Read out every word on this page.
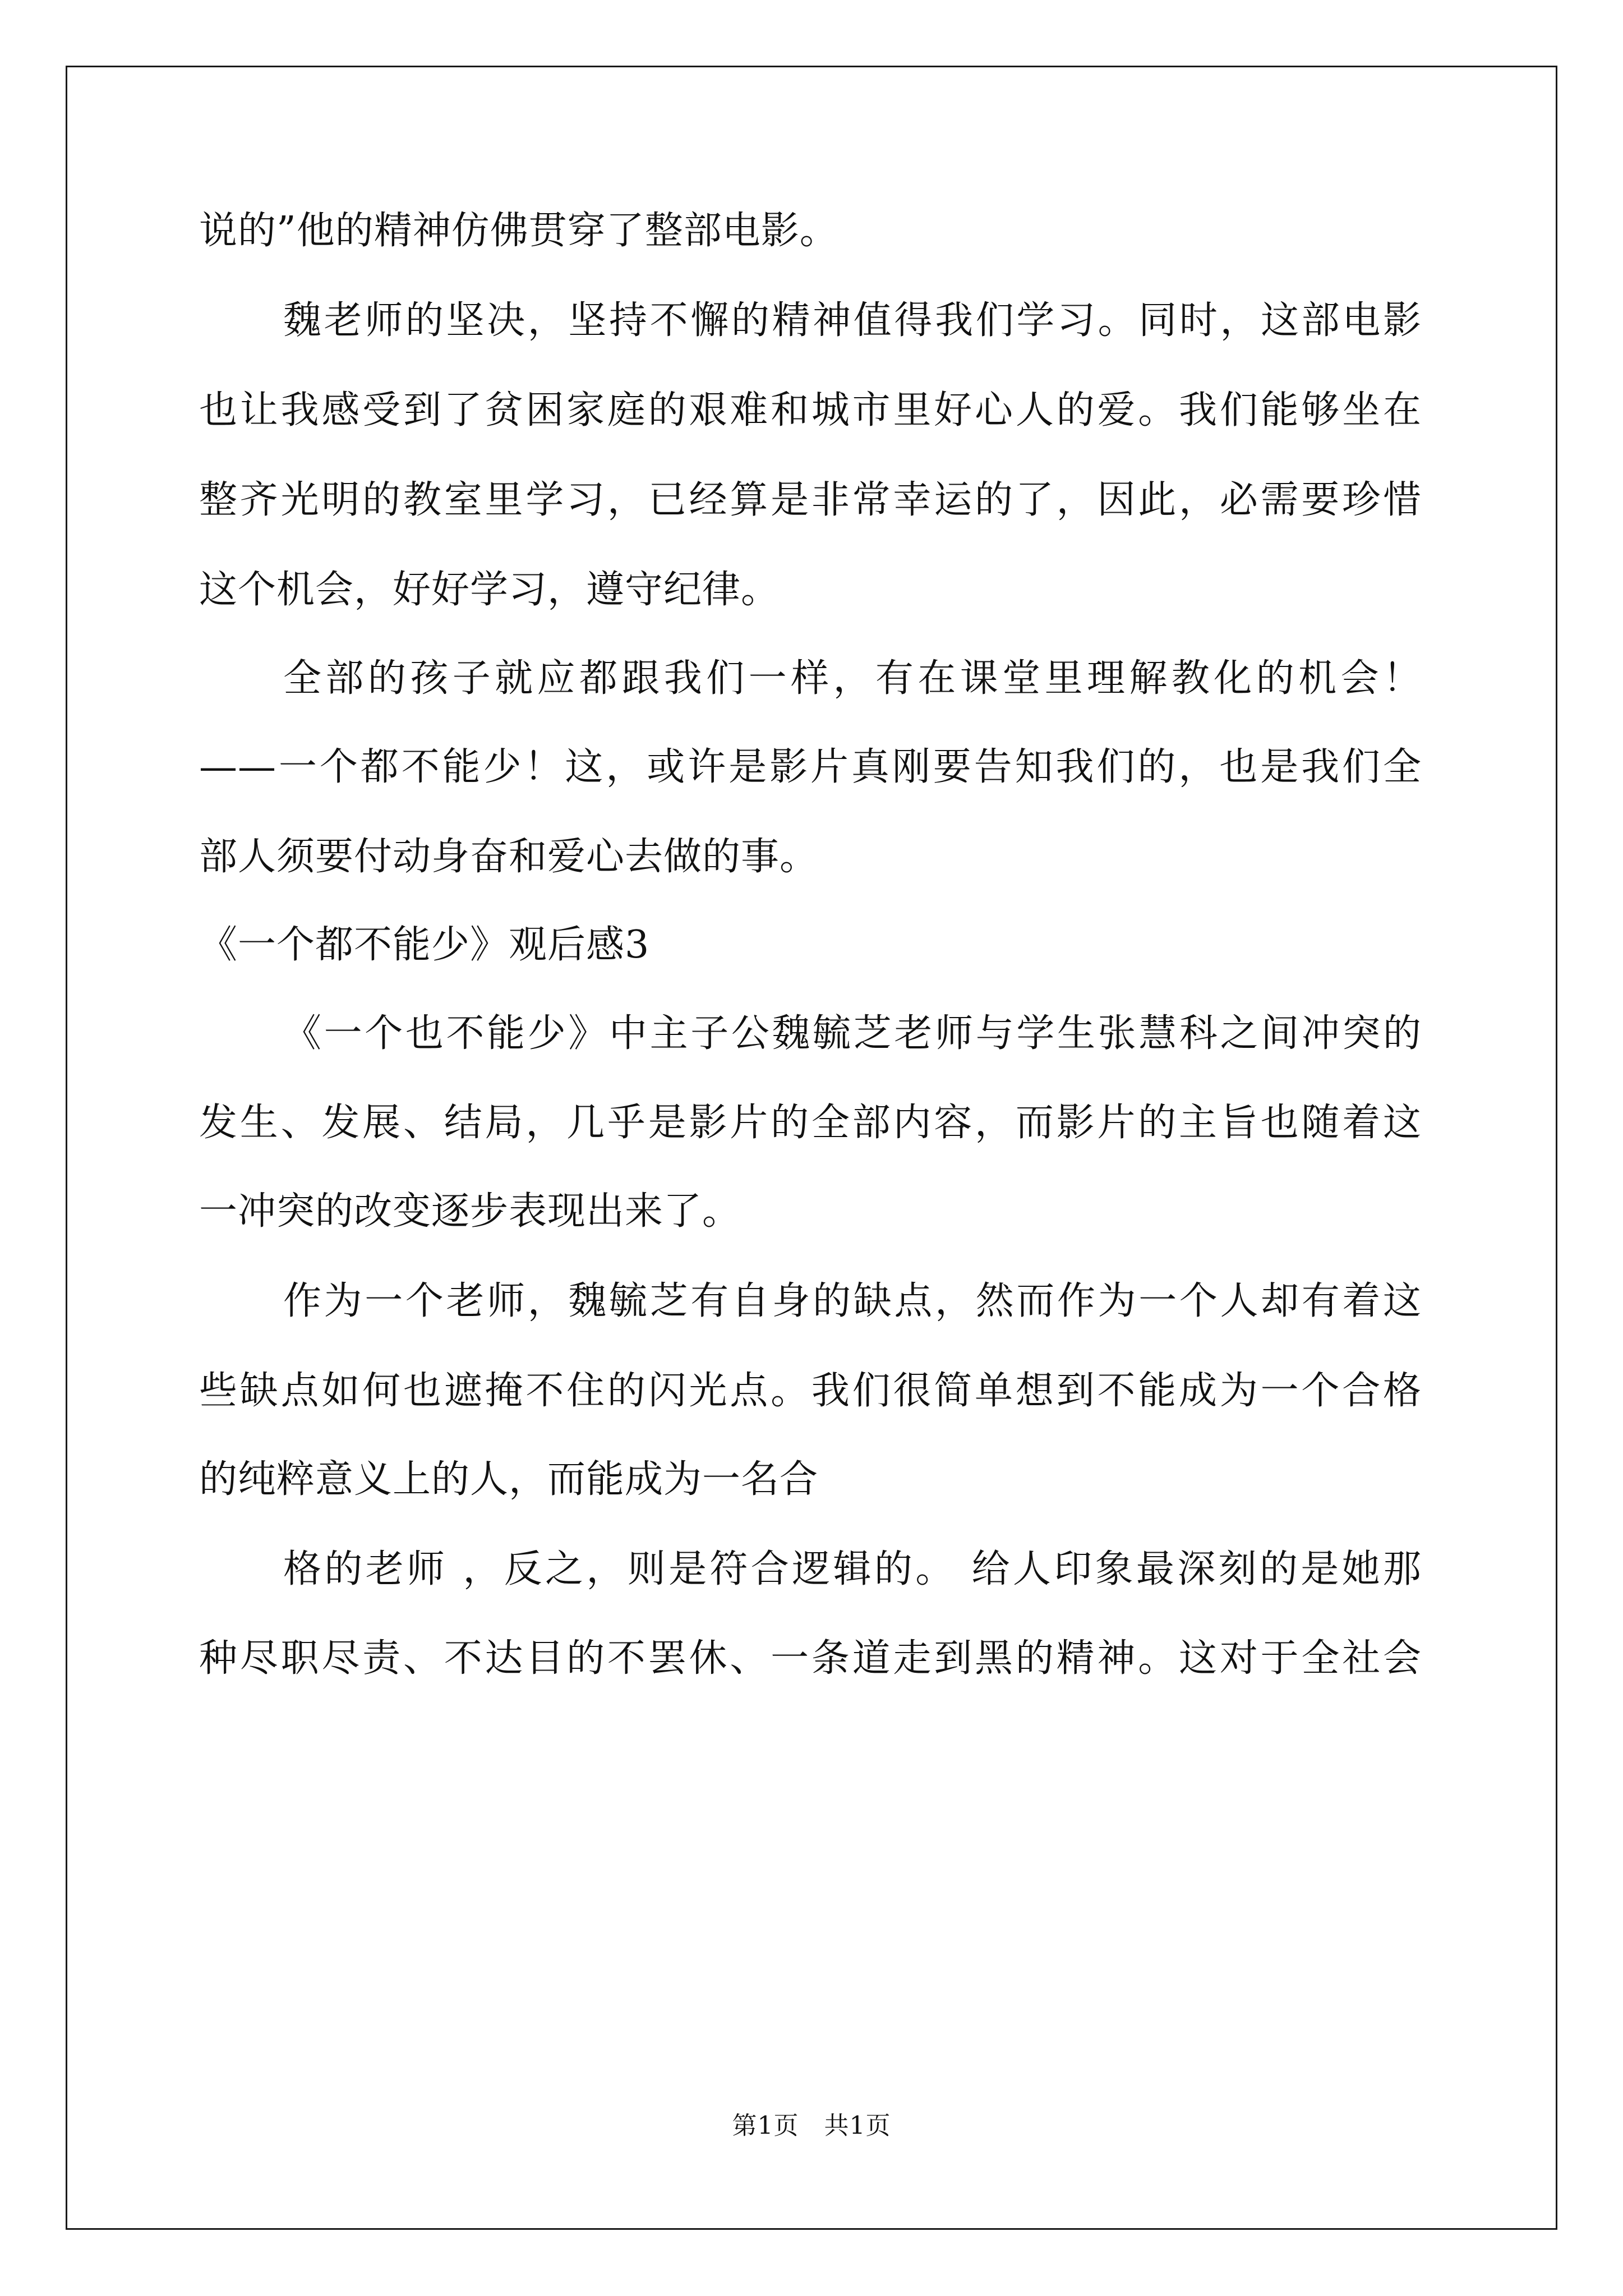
说的”他的精神仿佛贯穿了整部电影。
魏老师的坚决，坚持不懈的精神值得我们学习。同时，这部电影
也让我感受到了贫困家庭的艰难和城市里好心人的爱。我们能够坐在
整齐光明的教室里学习，已经算是非常幸运的了，因此，必需要珍惜
这个机会，好好学习，遵守纪律。
全部的孩子就应都跟我们一样，有在课堂里理解教化的机会！
——一个都不能少！这，或许是影片真刚要告知我们的，也是我们全
部人须要付动身奋和爱心去做的事。
《一个都不能少》观后感3
《一个也不能少》中主子公魏毓芝老师与学生张慧科之间冲突的
发生、发展、结局，几乎是影片的全部内容，而影片的主旨也随着这
一冲突的改变逐步表现出来了。
作为一个老师，魏毓芝有自身的缺点，然而作为一个人却有着这
些缺点如何也遮掩不住的闪光点。我们很简单想到不能成为一个合格
的纯粹意义上的人，而能成为一名合
格的老师 ，反之，则是符合逻辑的。 给人印象最深刻的是她那
种尽职尽责、不达目的不罢休、一条道走到黑的精神。这对于全社会
第1页　共1页
